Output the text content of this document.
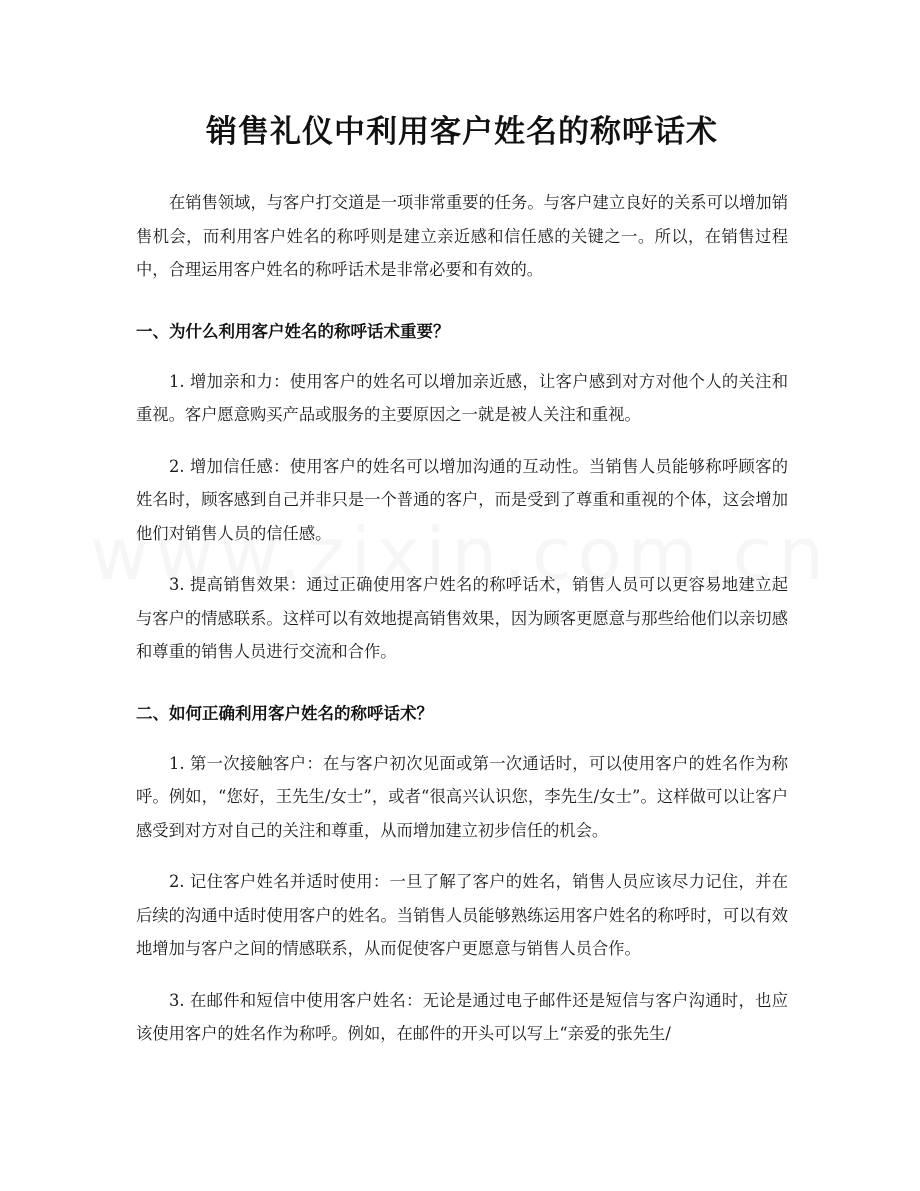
销售礼仪中利用客户姓名的称呼话术

在销售领域，与客户打交道是一项非常重要的任务。与客户建立良好的关系可以增加销售机会，而利用客户姓名的称呼则是建立亲近感和信任感的关键之一。所以，在销售过程中，合理运用客户姓名的称呼话术是非常必要和有效的。

一、为什么利用客户姓名的称呼话术重要？

1. 增加亲和力：使用客户的姓名可以增加亲近感，让客户感到对方对他个人的关注和重视。客户愿意购买产品或服务的主要原因之一就是被人关注和重视。

2. 增加信任感：使用客户的姓名可以增加沟通的互动性。当销售人员能够称呼顾客的姓名时，顾客感到自己并非只是一个普通的客户，而是受到了尊重和重视的个体，这会增加他们对销售人员的信任感。

3. 提高销售效果：通过正确使用客户姓名的称呼话术，销售人员可以更容易地建立起与客户的情感联系。这样可以有效地提高销售效果，因为顾客更愿意与那些给他们以亲切感和尊重的销售人员进行交流和合作。

二、如何正确利用客户姓名的称呼话术？

1. 第一次接触客户：在与客户初次见面或第一次通话时，可以使用客户的姓名作为称呼。例如，“您好，王先生/女士”，或者“很高兴认识您，李先生/女士”。这样做可以让客户感受到对方对自己的关注和尊重，从而增加建立初步信任的机会。

2. 记住客户姓名并适时使用：一旦了解了客户的姓名，销售人员应该尽力记住，并在后续的沟通中适时使用客户的姓名。当销售人员能够熟练运用客户姓名的称呼时，可以有效地增加与客户之间的情感联系，从而促使客户更愿意与销售人员合作。

3. 在邮件和短信中使用客户姓名：无论是通过电子邮件还是短信与客户沟通时，也应该使用客户的姓名作为称呼。例如，在邮件的开头可以写上“亲爱的张先生/
